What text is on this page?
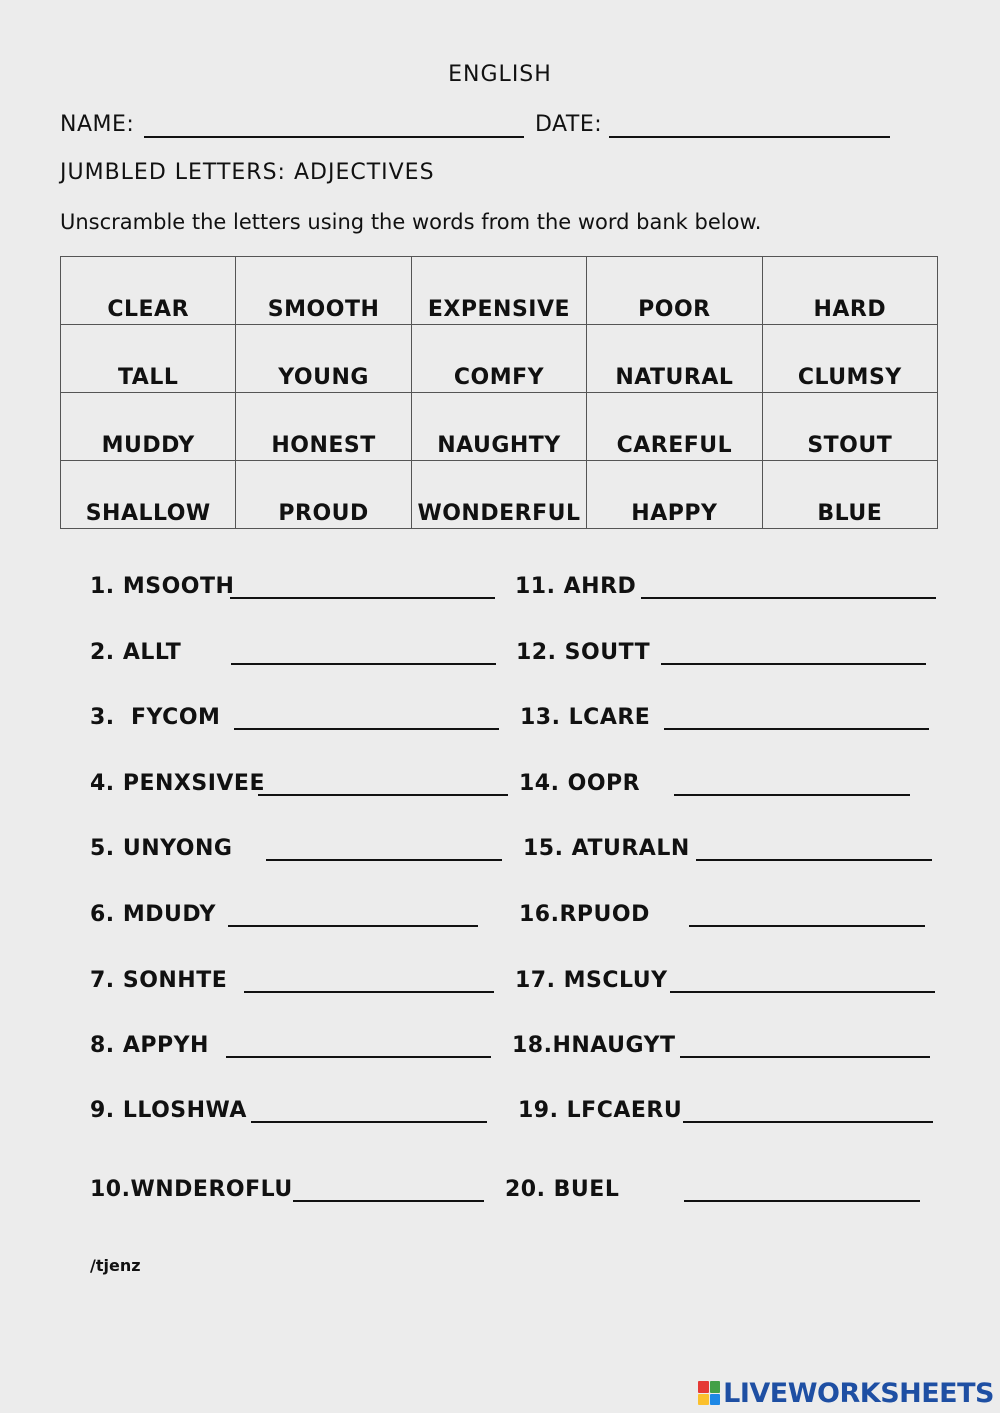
ENGLISH
NAME:	DATE:
JUMBLED LETTERS: ADJECTIVES
Unscramble the letters using the words from the word bank below.
CLEAR	SMOOTH	EXPENSIVE	POOR	HARD
TALL	YOUNG	COMFY	NATURAL	CLUMSY
MUDDY	HONEST	NAUGHTY	CAREFUL	STOUT
SHALLOW	PROUD	WONDERFUL	HAPPY	BLUE
1. MSOOTH
2. ALLT
3. FYCOM
4. PENXSIVEE
5. UNYONG
6. MDUDY
7. SONHTE
8. APPYH
9. LLOSHWA
10.WNDEROFLU
11. AHRD
12. SOUTT
13. LCARE
14. OOPR
15. ATURALN
16.RPUOD
17. MSCLUY
18.HNAUGYT
19. LFCAERU
20. BUEL
/tjenz
LIVEWORKSHEETS
